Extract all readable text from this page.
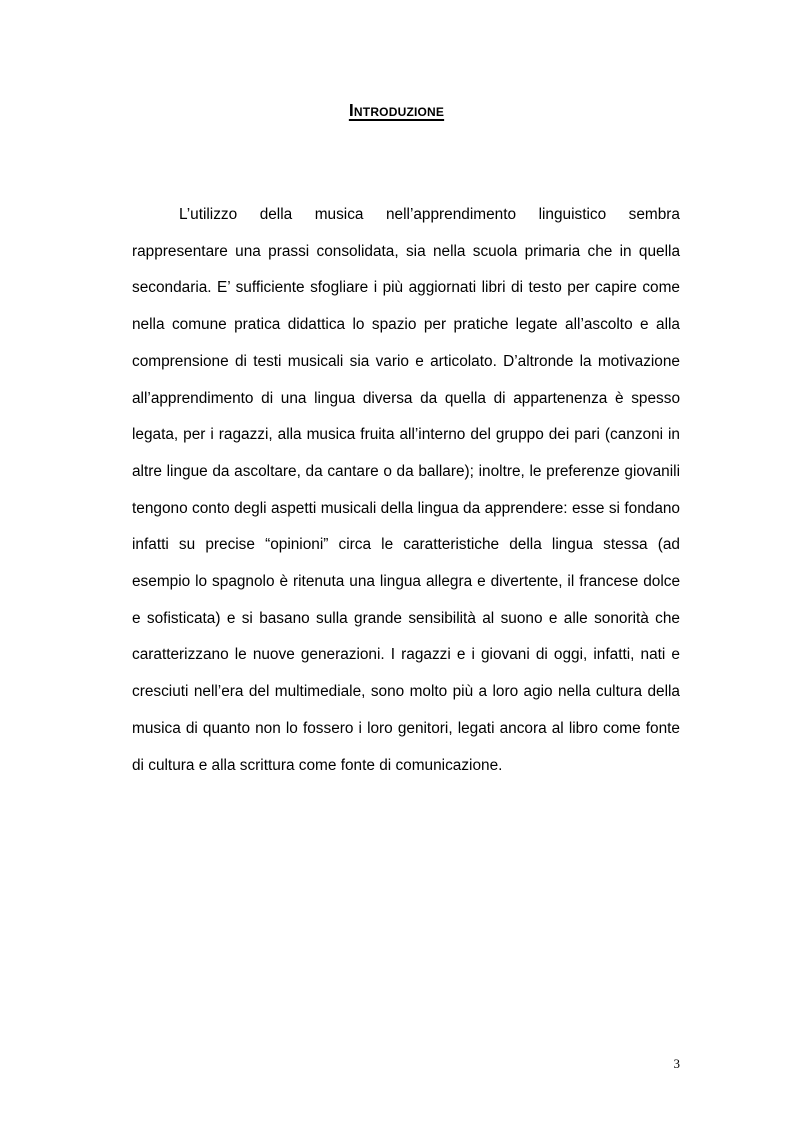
Introduzione

L’utilizzo della musica nell’apprendimento linguistico sembra rappresentare una prassi consolidata, sia nella scuola primaria che in quella secondaria. E’ sufficiente sfogliare i più aggiornati libri di testo per capire come nella comune pratica didattica lo spazio per pratiche legate all’ascolto e alla comprensione di testi musicali sia vario e articolato. D’altronde la motivazione all’apprendimento di una lingua diversa da quella di appartenenza è spesso legata, per i ragazzi, alla musica fruita all’interno del gruppo dei pari (canzoni in altre lingue da ascoltare, da cantare o da ballare); inoltre, le preferenze giovanili tengono conto degli aspetti musicali della lingua da apprendere: esse si fondano infatti su precise “opinioni” circa le caratteristiche della lingua stessa (ad esempio lo spagnolo è ritenuta una lingua allegra e divertente, il francese dolce e sofisticata) e si basano sulla grande sensibilità al suono e alle sonorità che caratterizzano le nuove generazioni. I ragazzi e i giovani di oggi, infatti, nati e cresciuti nell’era del multimediale, sono molto più a loro agio nella cultura della musica di quanto non lo fossero i loro genitori, legati ancora al libro come fonte di cultura e alla scrittura come fonte di comunicazione.

3
